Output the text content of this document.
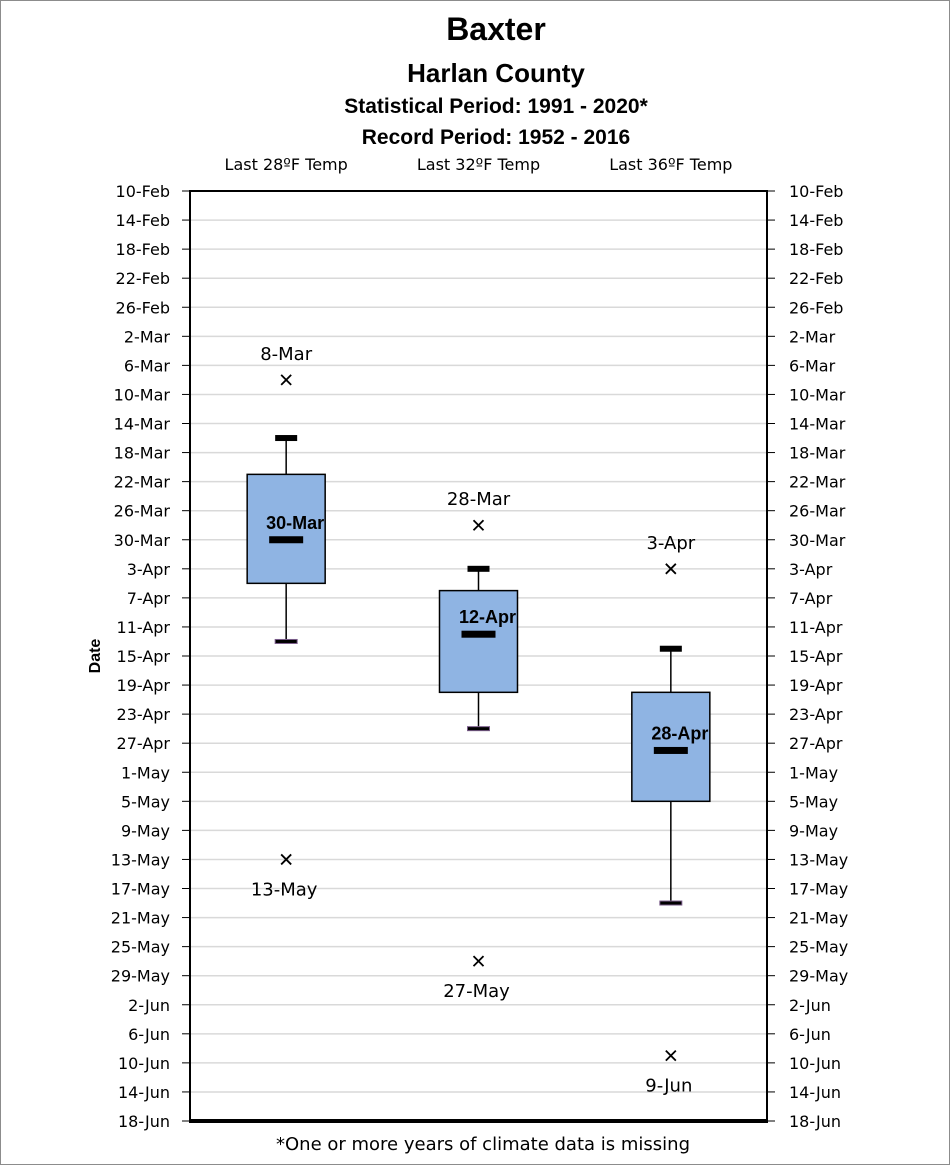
Baxter
Harlan County
Statistical Period: 1991 - 2020*
Record Period: 1952 - 2016
Date
*One or more years of climate data is missing
10-Feb	10-Feb
14-Feb	14-Feb
18-Feb	18-Feb
22-Feb	22-Feb
26-Feb	26-Feb
2-Mar	2-Mar
6-Mar	6-Mar
10-Mar	10-Mar
14-Mar	14-Mar
18-Mar	18-Mar
22-Mar	22-Mar
26-Mar	26-Mar
30-Mar	30-Mar
3-Apr	3-Apr
7-Apr	7-Apr
11-Apr	11-Apr
15-Apr	15-Apr
19-Apr	19-Apr
23-Apr	23-Apr
27-Apr	27-Apr
1-May	1-May
5-May	5-May
9-May	9-May
13-May	13-May
17-May	17-May
21-May	21-May
25-May	25-May
29-May	29-May
2-Jun	2-Jun
6-Jun	6-Jun
10-Jun	10-Jun
14-Jun	14-Jun
18-Jun	18-Jun
Last 28ºF Temp	Last 32ºF Temp	Last 36ºF Temp
30-Mar
8-Mar
13-May
12-Apr
28-Mar
27-May
28-Apr
3-Apr
9-Jun
